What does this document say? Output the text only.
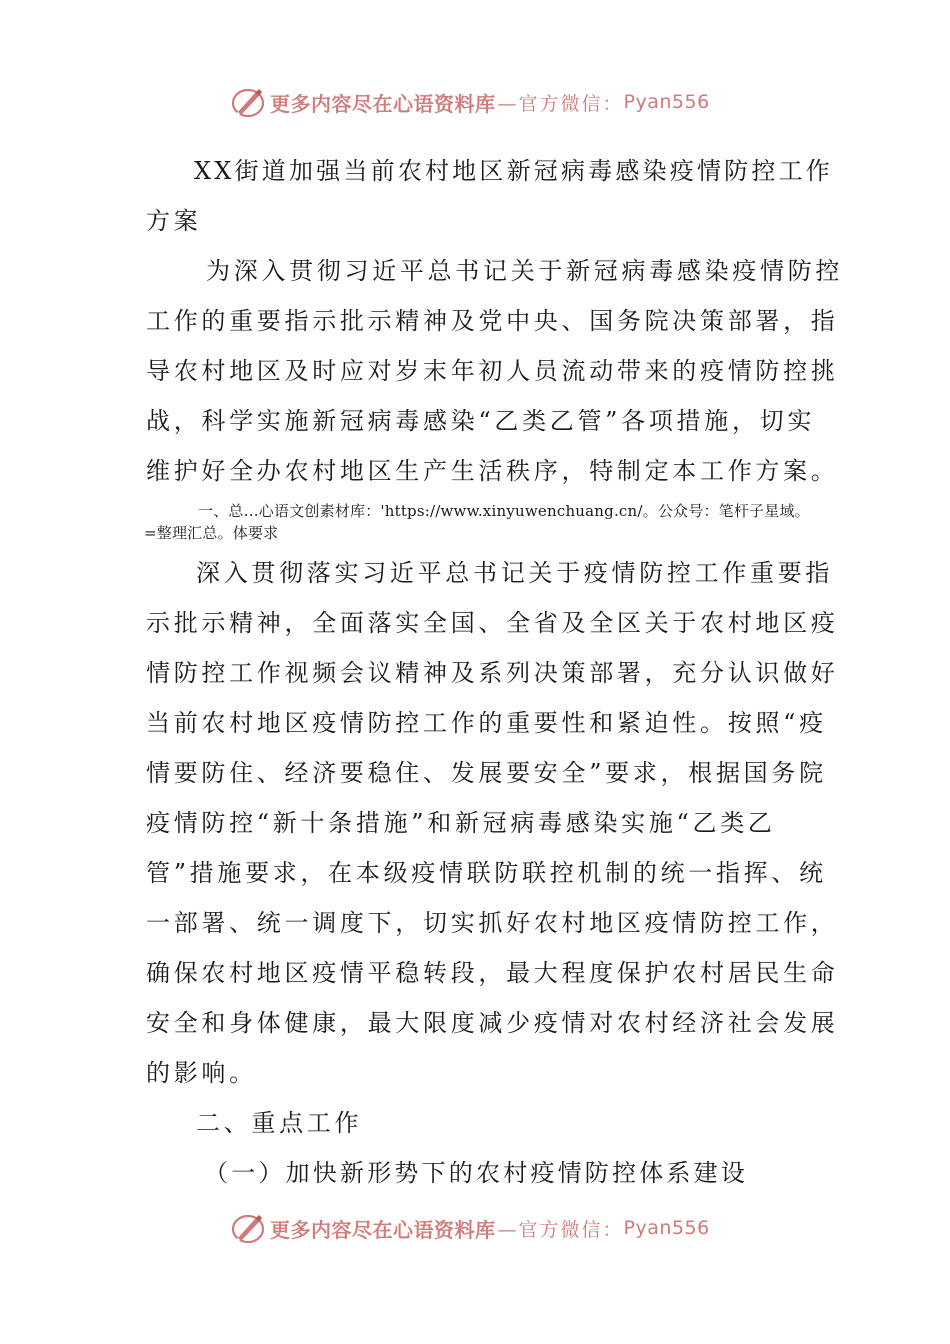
更多内容尽在心语资料库 —官方微信： Pyan556
XX街道加强当前农村地区新冠病毒感染疫情防控工作
方案
为深入贯彻习近平总书记关于新冠病毒感染疫情防控
工作的重要指示批示精神及党中央、国务院决策部署，指
导农村地区及时应对岁末年初人员流动带来的疫情防控挑
战，科学实施新冠病毒感染“乙类乙管”各项措施，切实
维护好全办农村地区生产生活秩序，特制定本工作方案。
一、总…心语文创素材库：'https://www.xinyuwenchuang.cn/。公众号：笔杆子星域。
=整理汇总。体要求
深入贯彻落实习近平总书记关于疫情防控工作重要指
示批示精神，全面落实全国、全省及全区关于农村地区疫
情防控工作视频会议精神及系列决策部署，充分认识做好
当前农村地区疫情防控工作的重要性和紧迫性。按照“疫
情要防住、经济要稳住、发展要安全”要求，根据国务院
疫情防控“新十条措施”和新冠病毒感染实施“乙类乙
管”措施要求，在本级疫情联防联控机制的统一指挥、统
一部署、统一调度下，切实抓好农村地区疫情防控工作，
确保农村地区疫情平稳转段，最大程度保护农村居民生命
安全和身体健康，最大限度减少疫情对农村经济社会发展
的影响。
二、重点工作
（一）加快新形势下的农村疫情防控体系建设
更多内容尽在心语资料库 —官方微信： Pyan556
